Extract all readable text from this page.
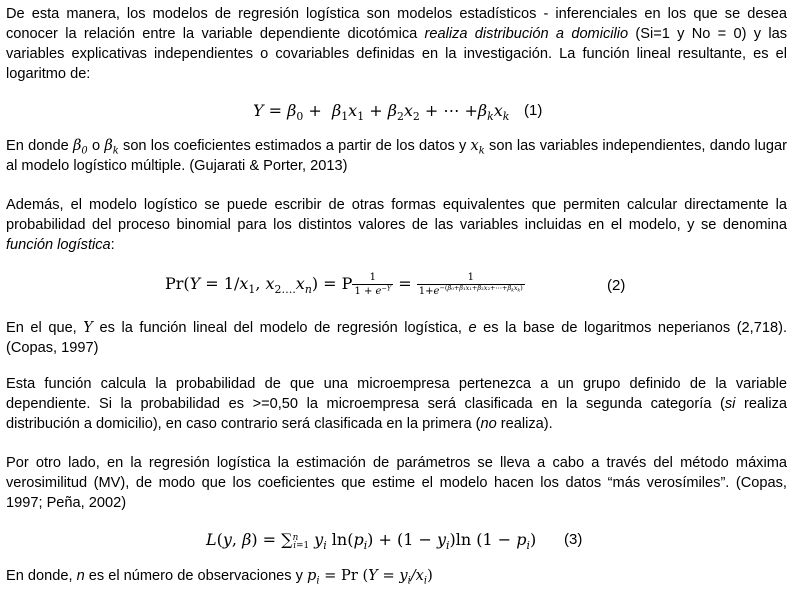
De esta manera, los modelos de regresión logística son modelos estadísticos - inferenciales en los que se desea conocer la relación entre la variable dependiente dicotómica realiza distribución a domicilio (Si=1 y No = 0) y las variables explicativas independientes o covariables definidas en la investigación. La función lineal resultante, es el logaritmo de:

$Y = \beta_0 + \beta_1x_1 + \beta_2x_2$ + ⋯ $+\beta_kx_k$ (1)

En donde $\beta_0$ o $\beta_k$ son los coeficientes estimados a partir de los datos y $x_k$ son las variables independientes, dando lugar al modelo logístico múltiple. (Gujarati & Porter, 2013)

Además, el modelo logístico se puede escribir de otras formas equivalentes que permiten calcular directamente la probabilidad del proceso binomial para los distintos valores de las variables incluidas en el modelo, y se denomina función logística:

$Pr(Y = 1/x_1$, $x_{2\dots.}x_n) = P \frac{1}{1 + e^{-Y}} = \frac{1}{1+e^{-(\beta_0+\beta_1x_1+\beta_2x_2+\cdots+\beta_kx_k)}}$	(2)

En el que, Y es la función lineal del modelo de regresión logística, e es la base de logaritmos neperianos (2,718). (Copas, 1997)

Esta función calcula la probabilidad de que una microempresa pertenezca a un grupo definido de la variable dependiente. Si la probabilidad es >=0,50 la microempresa será clasificada en la segunda categoría (si realiza distribución a domicilio), en caso contrario será clasificada en la primera (no realiza).

Por otro lado, en la regresión logística la estimación de parámetros se lleva a cabo a través del método máxima verosimilitud (MV), de modo que los coeficientes que estime el modelo hacen los datos “más verosímiles”. (Copas, 1997; Peña, 2002)

L(y, β) = ∑$^n_{i=1}$ $y_i$ $\ln(p_i) + (1 - y_i)\ln$ $(1 - p_i)$ (3)

En donde, n es el número de observaciones y $p_i = Pr$ $(Y = y_i/x_i)$
